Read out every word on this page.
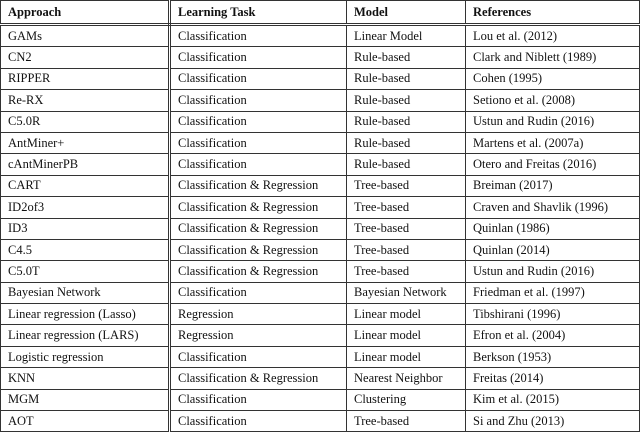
Approach	Learning Task	Model	References
GAMs	Classification	Linear Model	Lou et al. (2012)
CN2	Classification	Rule-based	Clark and Niblett (1989)
RIPPER	Classification	Rule-based	Cohen (1995)
Re-RX	Classification	Rule-based	Setiono et al. (2008)
C5.0R	Classification	Rule-based	Ustun and Rudin (2016)
AntMiner+	Classification	Rule-based	Martens et al. (2007a)
cAntMinerPB	Classification	Rule-based	Otero and Freitas (2016)
CART	Classification & Regression	Tree-based	Breiman (2017)
ID2of3	Classification & Regression	Tree-based	Craven and Shavlik (1996)
ID3	Classification & Regression	Tree-based	Quinlan (1986)
C4.5	Classification & Regression	Tree-based	Quinlan (2014)
C5.0T	Classification & Regression	Tree-based	Ustun and Rudin (2016)
Bayesian Network	Classification	Bayesian Network	Friedman et al. (1997)
Linear regression (Lasso)	Regression	Linear model	Tibshirani (1996)
Linear regression (LARS)	Regression	Linear model	Efron et al. (2004)
Logistic regression	Classification	Linear model	Berkson (1953)
KNN	Classification & Regression	Nearest Neighbor	Freitas (2014)
MGM	Classification	Clustering	Kim et al. (2015)
AOT	Classification	Tree-based	Si and Zhu (2013)
